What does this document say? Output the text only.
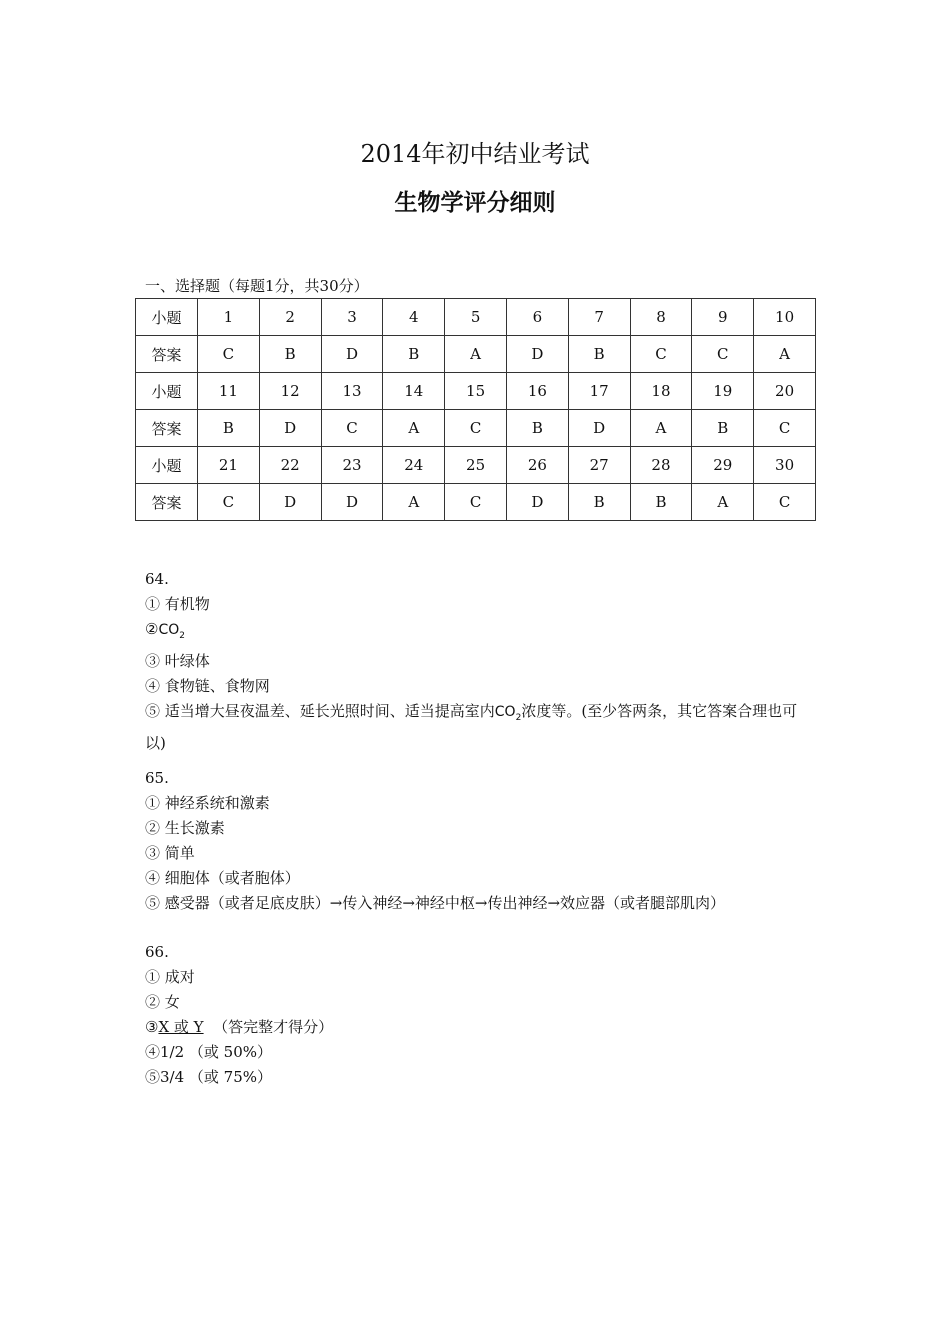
2014年初中结业考试
生物学评分细则
一、选择题（每题1分，共30分）
小题	1	2	3	4	5	6	7	8	9	10
答案	C	B	D	B	A	D	B	C	C	A
小题	11	12	13	14	15	16	17	18	19	20
答案	B	D	C	A	C	B	D	A	B	C
小题	21	22	23	24	25	26	27	28	29	30
答案	C	D	D	A	C	D	B	B	A	C
64.
① 有机物
$②CO_2$
③ 叶绿体
④ 食物链、食物网
⑤ 适当增大昼夜温差、延长光照时间、适当提高室内$CO_2$浓度等。(至少答两条，其它答案合理也可以)
65.
① 神经系统和激素
② 生长激素
③ 简单
④ 细胞体（或者胞体）
⑤ 感受器（或者足底皮肤）→传入神经→神经中枢→传出神经→效应器（或者腿部肌肉）
66.
① 成对
② 女
③X 或 Y （答完整才得分）
④1/2 （或 50%）
⑤3/4 （或 75%）
